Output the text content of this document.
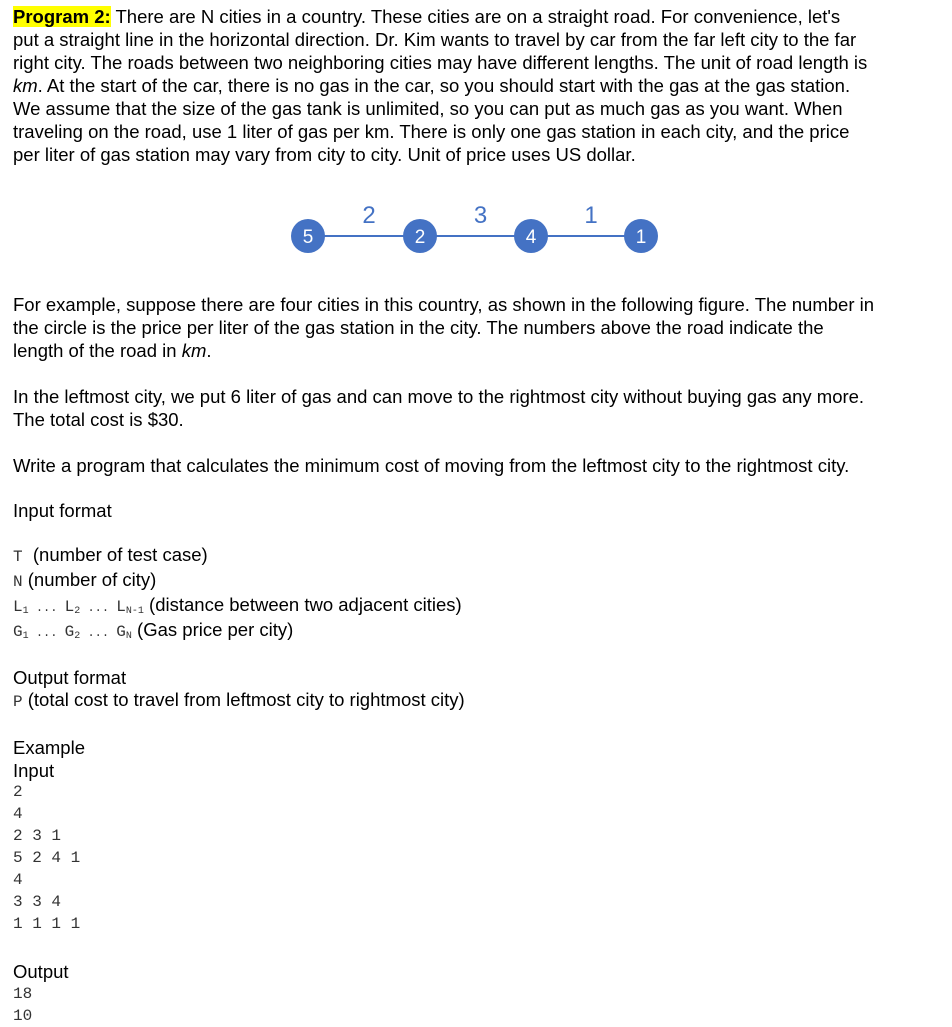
Program 2: There are N cities in a country. These cities are on a straight road. For convenience, let's
put a straight line in the horizontal direction. Dr. Kim wants to travel by car from the far left city to the far
right city. The roads between two neighboring cities may have different lengths. The unit of road length is
km. At the start of the car, there is no gas in the car, so you should start with the gas at the gas station.
We assume that the size of the gas tank is unlimited, so you can put as much gas as you want. When
traveling on the road, use 1 liter of gas per km. There is only one gas station in each city, and the price
per liter of gas station may vary from city to city. Unit of price uses US dollar.
5	2	4	1
2	3	1
For example, suppose there are four cities in this country, as shown in the following figure. The number in
the circle is the price per liter of the gas station in the city. The numbers above the road indicate the
length of the road in km.
In the leftmost city, we put 6 liter of gas and can move to the rightmost city without buying gas any more.
The total cost is $30.
Write a program that calculates the minimum cost of moving from the leftmost city to the rightmost city.
Input format
T  (number of test case)
N (number of city)
$L_1$ ... $L_2$ ... $L_{N-1}$ (distance between two adjacent cities)
$G_1$ ... $G_2$ ... $G_N$ (Gas price per city)
Output format
P (total cost to travel from leftmost city to rightmost city)
Example
Input
2
4
2 3 1
5 2 4 1
4
3 3 4
1 1 1 1
Output
18
10
